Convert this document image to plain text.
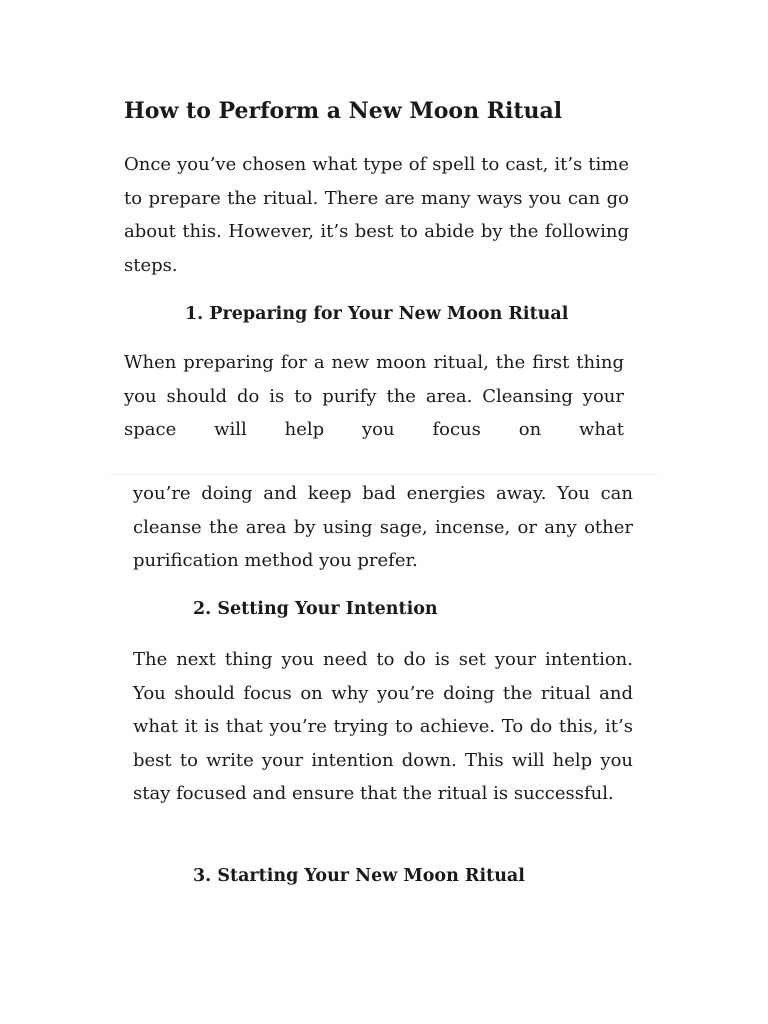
How to Perform a New Moon Ritual

Once you’ve chosen what type of spell to cast, it’s time to prepare the ritual. There are many ways you can go about this. However, it’s best to abide by the following steps.

1. Preparing for Your New Moon Ritual

When preparing for a new moon ritual, the first thing you should do is to purify the area. Cleansing your space will help you focus on what

you’re doing and keep bad energies away. You can cleanse the area by using sage, incense, or any other purification method you prefer.

2. Setting Your Intention

The next thing you need to do is set your intention. You should focus on why you’re doing the ritual and what it is that you’re trying to achieve. To do this, it’s best to write your intention down. This will help you stay focused and ensure that the ritual is successful.

3. Starting Your New Moon Ritual
